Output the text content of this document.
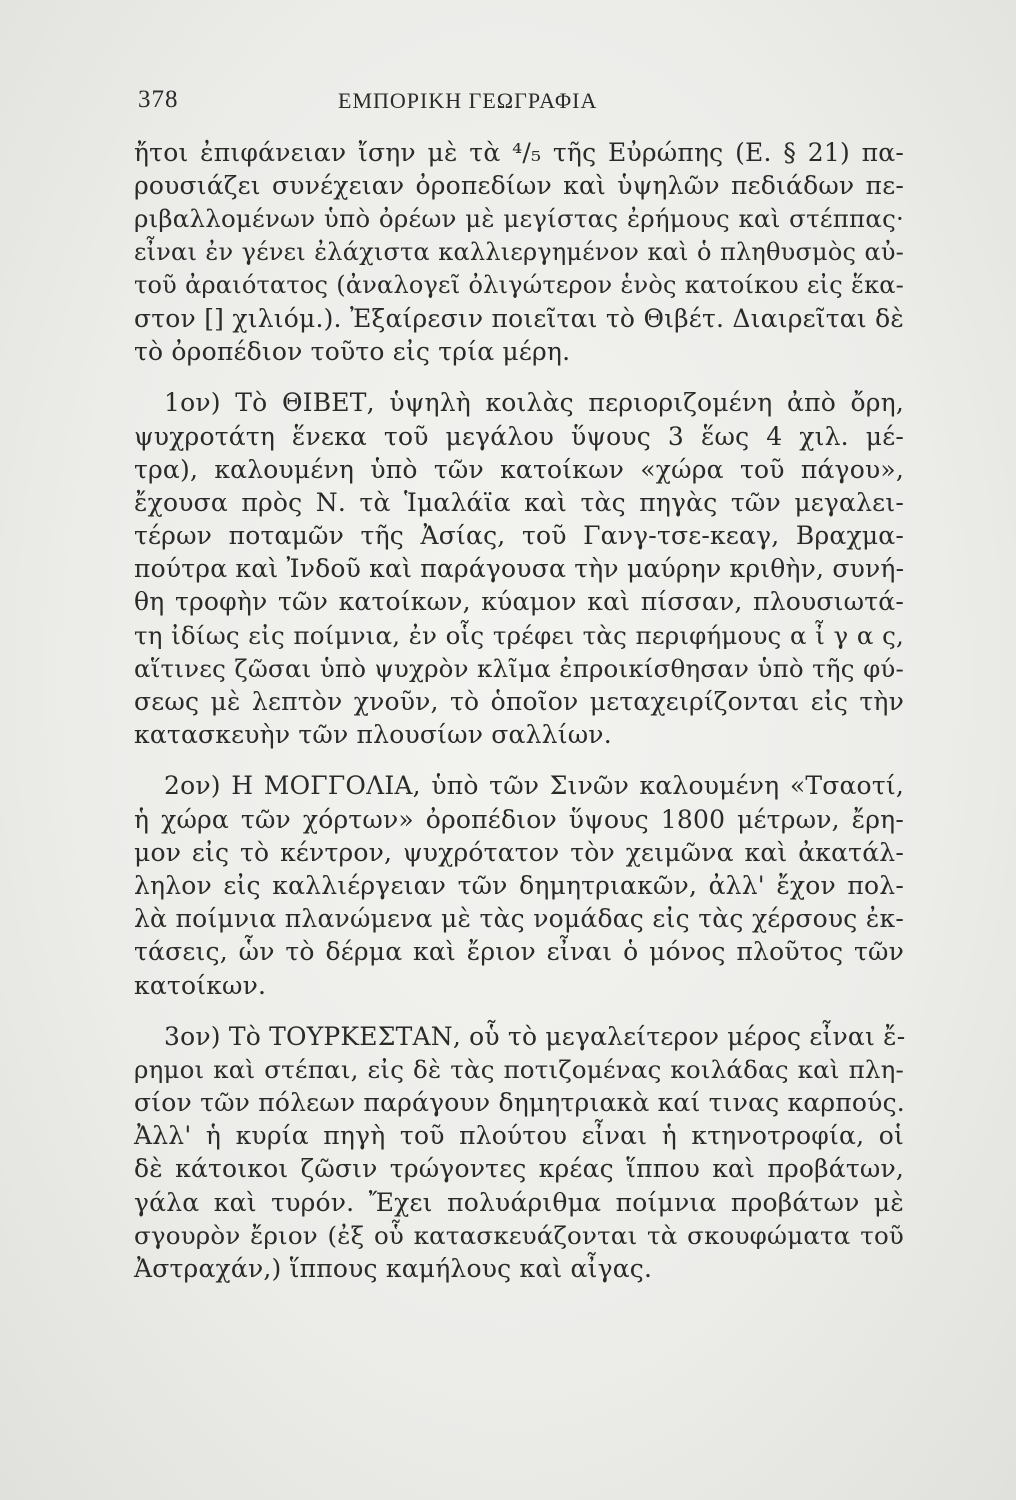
378	ΕΜΠΟΡΙΚΗ ΓΕΩΓΡΑΦΙΑ
ἤτοι ἐπιφάνειαν ἴσην μὲ τὰ ⁴/₅ τῆς Εὐρώπης (Ε. § 21) πα-
ρουσιάζει συνέχειαν ὀροπεδίων καὶ ὑψηλῶν πεδιάδων πε-
ριβαλλομένων ὑπὸ ὀρέων μὲ μεγίστας ἐρήμους καὶ στέππας·
εἶναι ἐν γένει ἐλάχιστα καλλιεργημένον καὶ ὁ πληθυσμὸς αὐ-
τοῦ ἀραιότατος (ἀναλογεῖ ὀλιγώτερον ἑνὸς κατοίκου εἰς ἕκα-
στον [] χιλιόμ.). Ἐξαίρεσιν ποιεῖται τὸ Θιβέτ. Διαιρεῖται δὲ
τὸ ὀροπέδιον τοῦτο εἰς τρία μέρη.
1ον) Τὸ ΘΙΒΕΤ, ὑψηλὴ κοιλὰς περιοριζομένη ἀπὸ ὄρη,
ψυχροτάτη ἕνεκα τοῦ μεγάλου ὕψους 3 ἕως 4 χιλ. μέ-
τρα), καλουμένη ὑπὸ τῶν κατοίκων «χώρα τοῦ πάγου»,
ἔχουσα πρὸς Ν. τὰ Ἱμαλάϊα καὶ τὰς πηγὰς τῶν μεγαλει-
τέρων ποταμῶν τῆς Ἀσίας, τοῦ Γανγ-τσε-κεαγ, Βραχμα-
πούτρα καὶ Ἰνδοῦ καὶ παράγουσα τὴν μαύρην κριθὴν, συνή-
θη τροφὴν τῶν κατοίκων, κύαμον καὶ πίσσαν, πλουσιωτά-
τη ἰδίως εἰς ποίμνια, ἐν οἷς τρέφει τὰς περιφήμους α ἶ γ α ς,
αἵτινες ζῶσαι ὑπὸ ψυχρὸν κλῖμα ἐπροικίσθησαν ὑπὸ τῆς φύ-
σεως μὲ λεπτὸν χνοῦν, τὸ ὁποῖον μεταχειρίζονται εἰς τὴν
κατασκευὴν τῶν πλουσίων σαλλίων.
2ον) Η ΜΟΓΓΟΛΙΑ, ὑπὸ τῶν Σινῶν καλουμένη «Τσαοτί,
ἡ χώρα τῶν χόρτων» ὀροπέδιον ὕψους 1800 μέτρων, ἔρη-
μον εἰς τὸ κέντρον, ψυχρότατον τὸν χειμῶνα καὶ ἀκατάλ-
ληλον εἰς καλλιέργειαν τῶν δημητριακῶν, ἀλλ' ἔχον πολ-
λὰ ποίμνια πλανώμενα μὲ τὰς νομάδας εἰς τὰς χέρσους ἐκ-
τάσεις, ὧν τὸ δέρμα καὶ ἔριον εἶναι ὁ μόνος πλοῦτος τῶν
κατοίκων.
3ον) Τὸ ΤΟΥΡΚΕΣΤΑΝ, οὗ τὸ μεγαλείτερον μέρος εἶναι ἔ-
ρημοι καὶ στέπαι, εἰς δὲ τὰς ποτιζομένας κοιλάδας καὶ πλη-
σίον τῶν πόλεων παράγουν δημητριακὰ καί τινας καρπούς.
Ἀλλ' ἡ κυρία πηγὴ τοῦ πλούτου εἶναι ἡ κτηνοτροφία, οἱ
δὲ κάτοικοι ζῶσιν τρώγοντες κρέας ἵππου καὶ προβάτων,
γάλα καὶ τυρόν. Ἔχει πολυάριθμα ποίμνια προβάτων μὲ
σγουρὸν ἔριον (ἐξ οὗ κατασκευάζονται τὰ σκουφώματα τοῦ
Ἀστραχάν,) ἵππους καμήλους καὶ αἶγας.
